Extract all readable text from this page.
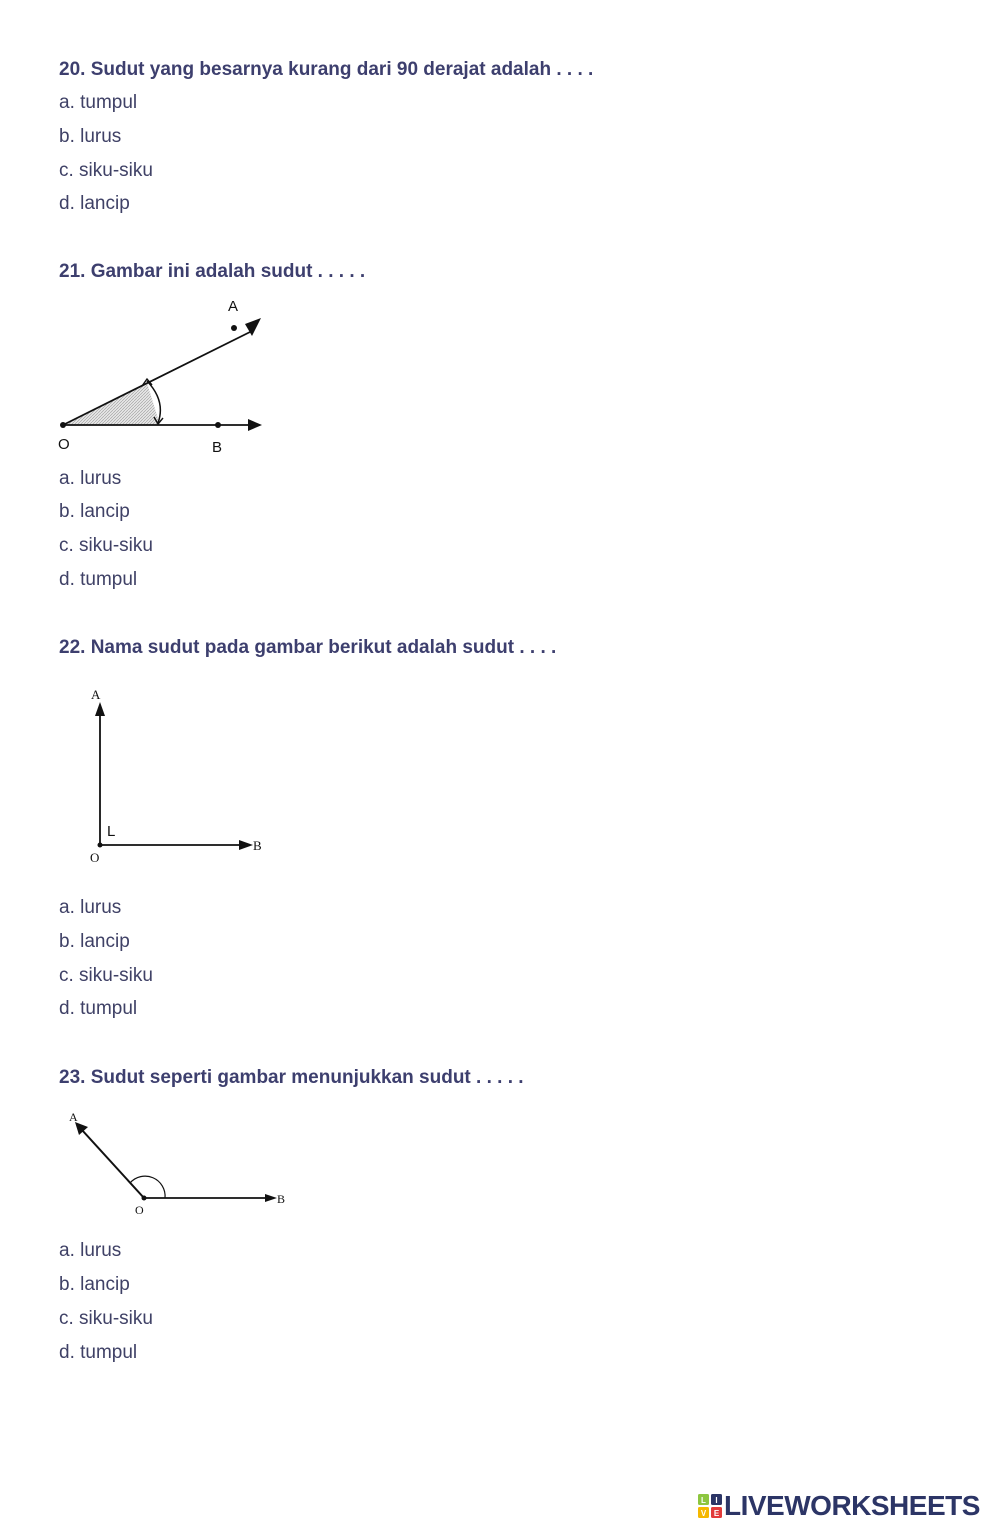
20. Sudut yang besarnya kurang dari 90 derajat adalah . . . .
a. tumpul
b. lurus
c. siku-siku
d. lancip
21. Gambar ini adalah sudut . . . . .
A
O	B
a. lurus
b. lancip
c. siku-siku
d. tumpul
22. Nama sudut pada gambar berikut adalah sudut . . . .
A
L
O
B
a. lurus
b. lancip
c. siku-siku
d. tumpul
23. Sudut seperti gambar menunjukkan sudut . . . . .
A
O
B
a. lurus
b. lancip
c. siku-siku
d. tumpul
L I
V E LIVEWORKSHEETS
